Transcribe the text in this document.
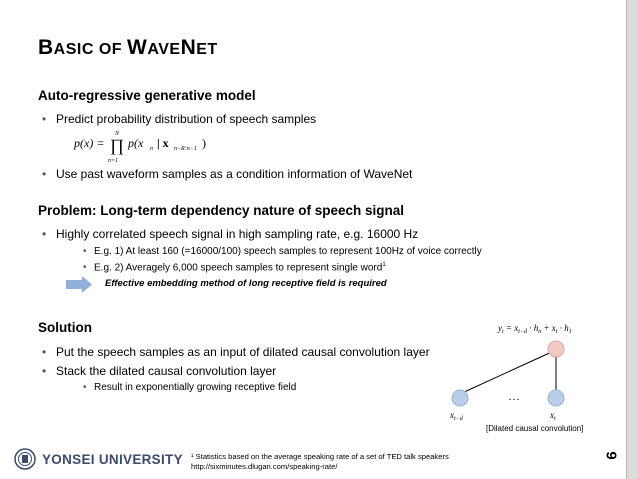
BASIC OF WAVENET
Auto-regressive generative model
• Predict probability distribution of speech samples
p(x) =
N
∏
n=1
p(x n | x n−R:n−1 )
• Use past waveform samples as a condition information of WaveNet
Problem: Long-term dependency nature of speech signal
• Highly correlated speech signal in high sampling rate, e.g. 16000 Hz
• E.g. 1) At least 160 (=16000/100) speech samples to represent 100Hz of voice correctly
• E.g. 2) Averagely 6,000 speech samples to represent single word$^1$
Effective embedding method of long receptive field is required
Solution
• Put the speech samples as an input of dilated causal convolution layer
• Stack the dilated causal convolution layer
• Result in exponentially growing receptive field
$y_t = x_{t-d} \cdot h_n + x_t \cdot h_1$
…
$x_{t-d}$	$x_t$
[Dilated causal convolution]
YONSEI UNIVERSITY ¹ Statistics based on the average speaking rate of a set of TED talk speakers
http://sixminutes.dlugan.com/speaking-rate/
9
